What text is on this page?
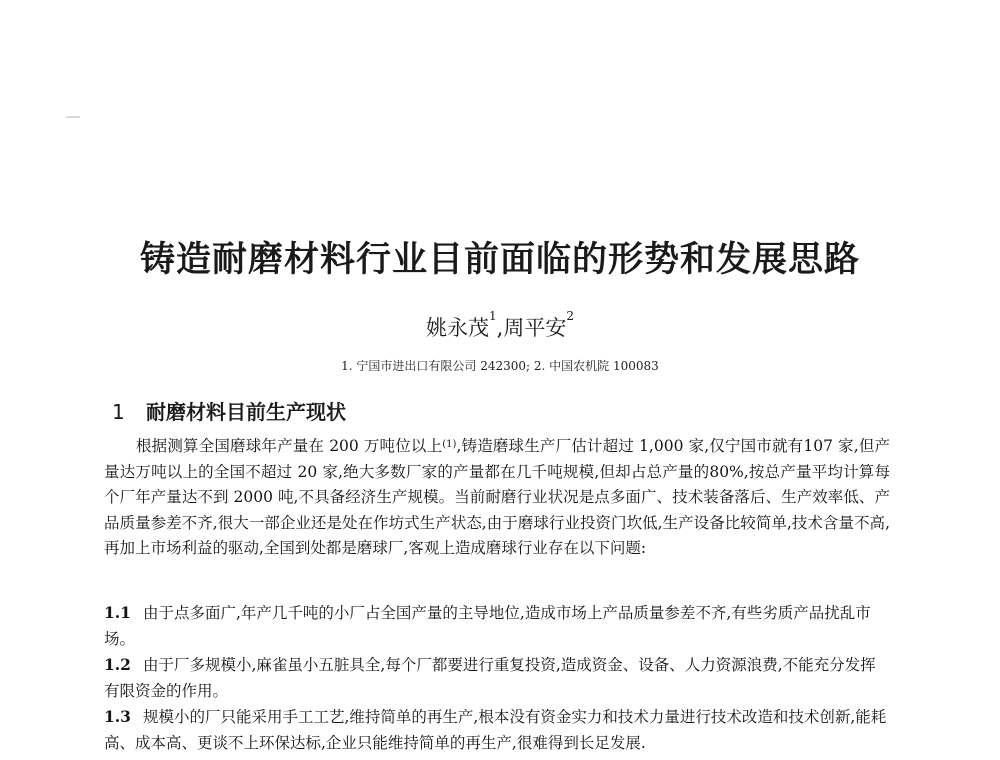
铸造耐磨材料行业目前面临的形势和发展思路
姚永茂$^1$,周平安$^2$
1. 宁国市进出口有限公司 242300; 2. 中国农机院 100083
1 耐磨材料目前生产现状
根据测算全国磨球年产量在 200 万吨位以上$^{(1)}$,铸造磨球生产厂估计超过 1,000 家,仅宁国市就有107 家,但产量达万吨以上的全国不超过 20 家,绝大多数厂家的产量都在几千吨规模,但却占总产量的80%,按总产量平均计算每个厂年产量达不到 2000 吨,不具备经济生产规模。当前耐磨行业状况是点多面广、技术装备落后、生产效率低、产品质量参差不齐,很大一部企业还是处在作坊式生产状态,由于磨球行业投资门坎低,生产设备比较简单,技术含量不高,再加上市场利益的驱动,全国到处都是磨球厂,客观上造成磨球行业存在以下问题:
1.1 由于点多面广,年产几千吨的小厂占全国产量的主导地位,造成市场上产品质量参差不齐,有些劣质产品扰乱市场。
1.2 由于厂多规模小,麻雀虽小五脏具全,每个厂都要进行重复投资,造成资金、设备、人力资源浪费,不能充分发挥有限资金的作用。
1.3 规模小的厂只能采用手工工艺,维持简单的再生产,根本没有资金实力和技术力量进行技术改造和技术创新,能耗高、成本高、更谈不上环保达标,企业只能维持简单的再生产,很难得到长足发展.
